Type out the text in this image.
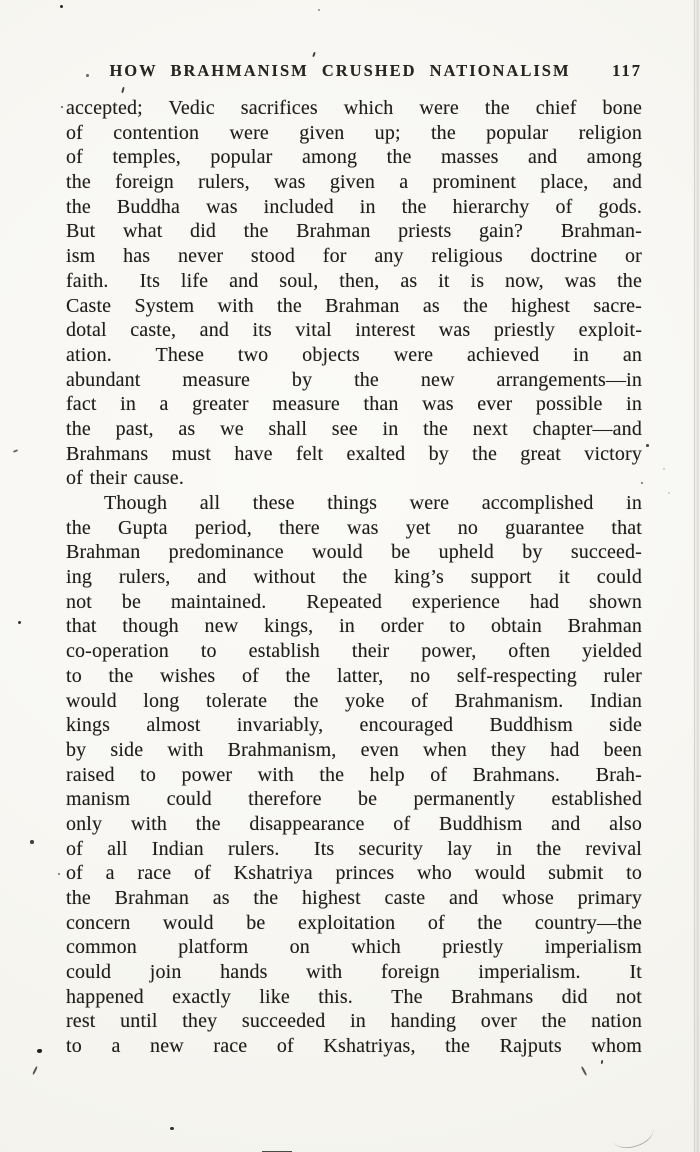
HOW BRAHMANISM CRUSHED NATIONALISM	117
accepted; Vedic sacrifices which were the chief bone
of contention were given up; the popular religion
of temples, popular among the masses and among
the foreign rulers, was given a prominent place, and
the Buddha was included in the hierarchy of gods.
But what did the Brahman priests gain?  Brahman-
ism has never stood for any religious doctrine or
faith.  Its life and soul, then, as it is now, was the
Caste System with the Brahman as the highest sacre-
dotal caste, and its vital interest was priestly exploit-
ation.  These two objects were achieved in an
abundant measure by the new arrangements—in
fact in a greater measure than was ever possible in
the past, as we shall see in the next chapter—and
Brahmans must have felt exalted by the great victory
of their cause.
Though all these things were accomplished in
the Gupta period, there was yet no guarantee that
Brahman predominance would be upheld by succeed-
ing rulers, and without the king’s support it could
not be maintained.  Repeated experience had shown
that though new kings, in order to obtain Brahman
co-operation to establish their power, often yielded
to the wishes of the latter, no self-respecting ruler
would long tolerate the yoke of Brahmanism. Indian
kings almost invariably, encouraged Buddhism side
by side with Brahmanism, even when they had been
raised to power with the help of Brahmans.  Brah-
manism could therefore be permanently established
only with the disappearance of Buddhism and also
of all Indian rulers.  Its security lay in the revival
of a race of Kshatriya princes who would submit to
the Brahman as the highest caste and whose primary
concern would be exploitation of the country—the
common platform on which priestly imperialism
could join hands with foreign imperialism.  It
happened exactly like this.  The Brahmans did not
rest until they succeeded in handing over the nation
to a new race of Kshatriyas, the Rajputs whom
